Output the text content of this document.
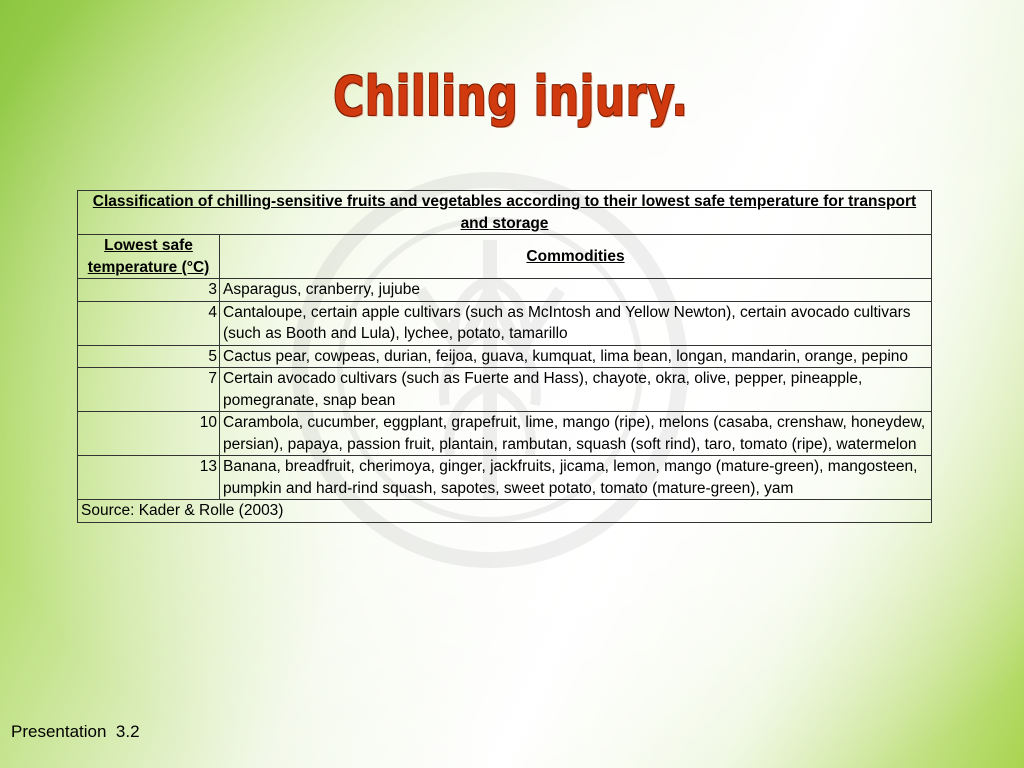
Chilling injury.
Classification of chilling-sensitive fruits and vegetables according to their lowest safe temperature for transport and storage	
Lowest safe temperature (°C)	Commodities
3	Asparagus, cranberry, jujube
4	Cantaloupe, certain apple cultivars (such as McIntosh and Yellow Newton), certain avocado cultivars (such as Booth and Lula), lychee, potato, tamarillo
5	Cactus pear, cowpeas, durian, feijoa, guava, kumquat, lima bean, longan, mandarin, orange, pepino
7	Certain avocado cultivars (such as Fuerte and Hass), chayote, okra, olive, pepper, pineapple, pomegranate, snap bean
10	Carambola, cucumber, eggplant, grapefruit, lime, mango (ripe), melons (casaba, crenshaw, honeydew, persian), papaya, passion fruit, plantain, rambutan, squash (soft rind), taro, tomato (ripe), watermelon
13	Banana, breadfruit, cherimoya, ginger, jackfruits, jicama, lemon, mango (mature-green), mangosteen, pumpkin and hard-rind squash, sapotes, sweet potato, tomato (mature-green), yam
Source: Kader & Rolle (2003)	
Presentation  3.2
